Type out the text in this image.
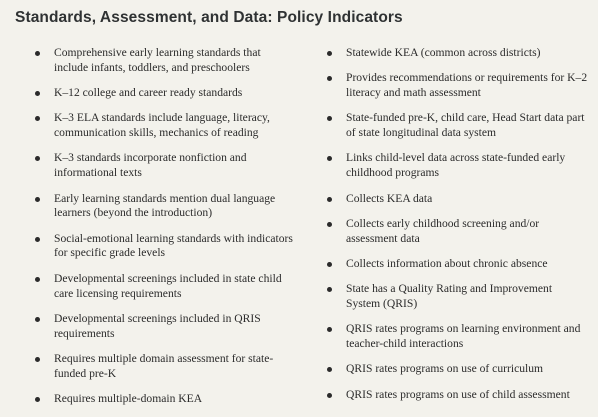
Standards, Assessment, and Data: Policy Indicators
Comprehensive early learning standards that include infants, toddlers, and preschoolers
K–12 college and career ready standards
K–3 ELA standards include language, literacy, communication skills, mechanics of reading
K–3 standards incorporate nonfiction and informational texts
Early learning standards mention dual language learners (beyond the introduction)
Social-emotional learning standards with indicators for specific grade levels
Developmental screenings included in state child care licensing requirements
Developmental screenings included in QRIS requirements
Requires multiple domain assessment for state-funded pre-K
Requires multiple-domain KEA
Statewide KEA (common across districts)
Provides recommendations or requirements for K–2 literacy and math assessment
State-funded pre-K, child care, Head Start data part of state longitudinal data system
Links child-level data across state-funded early childhood programs
Collects KEA data
Collects early childhood screening and/or assessment data
Collects information about chronic absence
State has a Quality Rating and Improvement System (QRIS)
QRIS rates programs on learning environment and teacher-child interactions
QRIS rates programs on use of curriculum
QRIS rates programs on use of child assessment
